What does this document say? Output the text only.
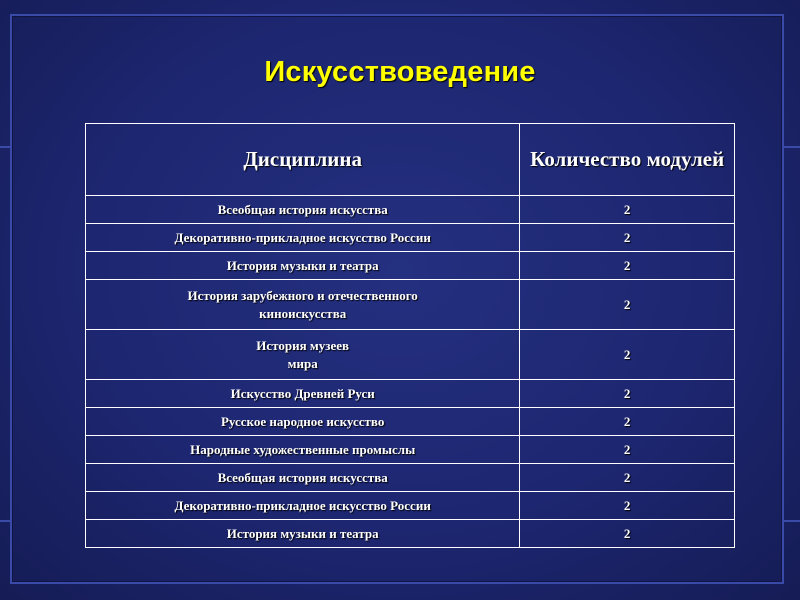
Искусствоведение
Дисциплина	Количество модулей
Всеобщая история искусства	2
Декоративно-прикладное искусство России	2
История музыки и театра	2
История зарубежного и отечественного
киноискусства	2
История музеев
мира	2
Искусство Древней Руси	2
Русское народное искусство	2
Народные художественные промыслы	2
Всеобщая история искусства	2
Декоративно-прикладное искусство России	2
История музыки и театра	2
